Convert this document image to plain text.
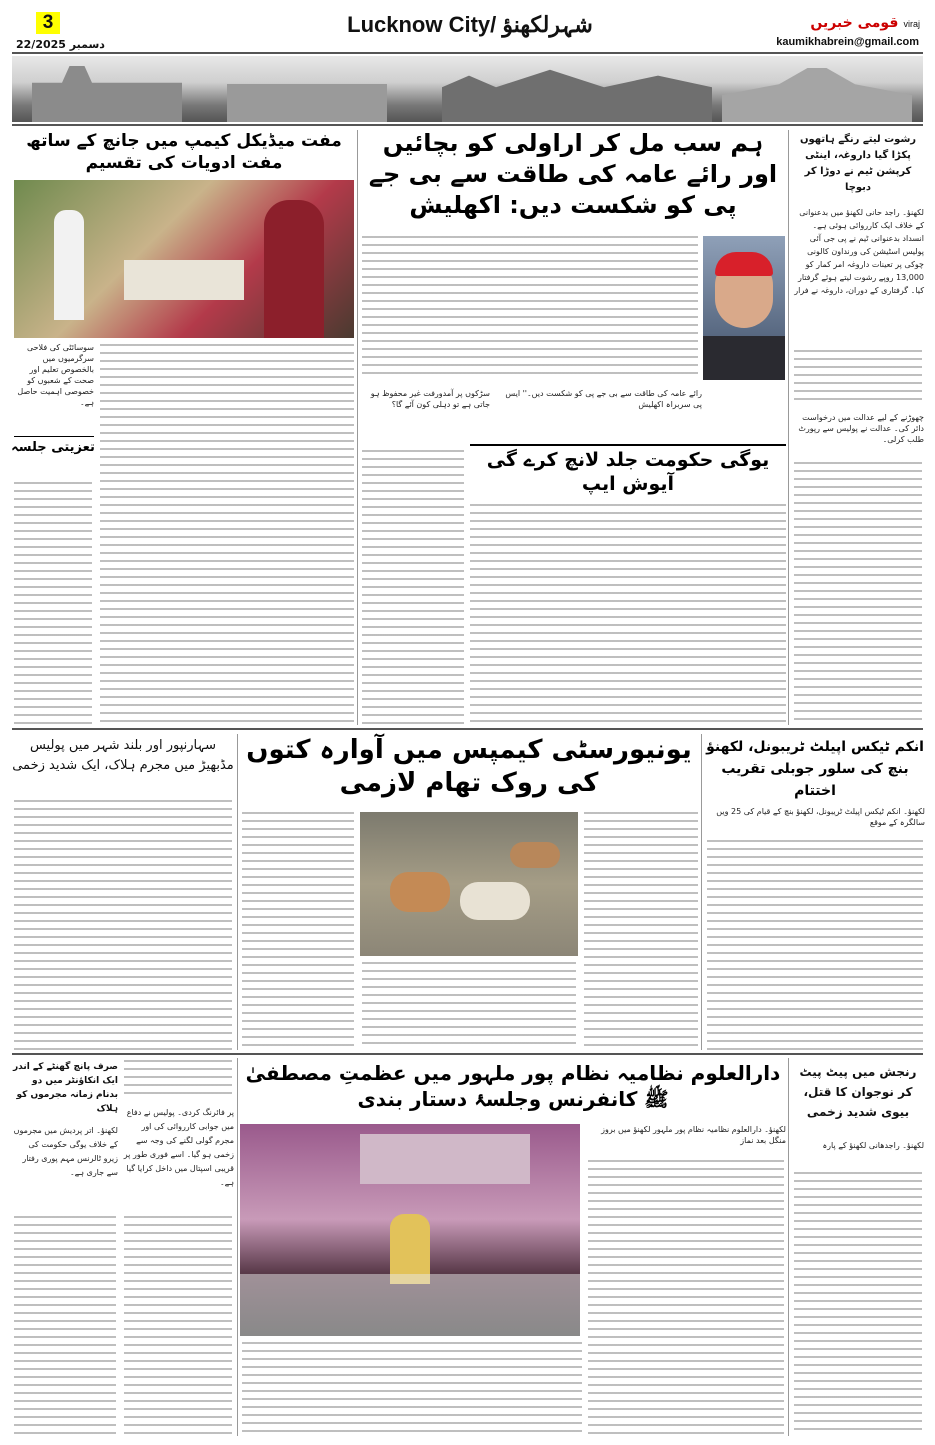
3
22/دسمبر 2025
Lucknow City/ شہرلکھنؤ	قومی خبریں viraj
kaumikhabrein@gmail.com
مفت میڈیکل کیمپ میں جانچ کے ساتھ مفت ادویات کی تقسیم
سوسائٹی کی فلاحی سرگرمیوں میں بالخصوص تعلیم اور صحت کے شعبوں کو خصوصی اہمیت حاصل ہے۔
تعزیتی جلسہ
ہم سب مل کر اراولی کو بچائیں اور رائے عامہ کی طاقت سے بی جے پی کو شکست دیں: اکھلیش
رائے عامہ کی طاقت سے بی جے پی کو شکست دیں۔'' ایس پی سربراہ اکھلیش
سڑکوں پر آمدورفت غیر محفوظ ہو جاتی ہے تو دہلی کون آئے گا؟
یوگی حکومت جلد لانچ کرے گی آیوش ایپ
رشوت لیتے رنگے ہاتھوں پکڑا گیا داروغہ، اینٹی کرپشن ٹیم نے دوڑا کر دبوچا
لکھنؤ۔ راجد حانی لکھنؤ میں بدعنوانی کے خلاف ایک کارروائی ہوئی ہے۔ انسداد بدعنوانی ٹیم نے پی جی آئی پولیس اسٹیشن کی ورنداون کالونی چوکی پر تعینات داروغہ امر کمار کو 13,000 روپے رشوت لیتے ہوئے گرفتار کیا۔ گرفتاری کے دوران، داروغہ نے فرار
چھوڑنے کے لیے عدالت میں درخواست دائر کی۔ عدالت نے پولیس سے رپورٹ طلب کرلی۔
سہارنپور اور بلند شہر میں پولیس مڈبھیڑ میں مجرم ہلاک، ایک شدید زخمی
یونیورسٹی کیمپس میں آوارہ کتوں کی روک تھام لازمی
انکم ٹیکس اپیلٹ ٹریبونل، لکھنؤ بنچ کی سلور جوبلی تقریب اختتام
لکھنؤ۔ انکم ٹیکس اپیلٹ ٹریبونل، لکھنؤ بنچ کے قیام کی 25 ویں سالگرہ کے موقع
صرف پانچ گھنٹے کے اندر ایک انکاؤنٹر میں دو بدنام زمانہ مجرموں کو ہلاک
لکھنؤ۔ اتر پردیش میں مجرموں کے خلاف یوگی حکومت کی زیرو ٹالرنس مہم پوری رفتار سے جاری ہے۔
پر فائرنگ کردی۔ پولیس نے دفاع میں جوابی کارروائی کی اور مجرم گولی لگنے کی وجہ سے زخمی ہو گیا۔ اسے فوری طور پر قریبی اسپتال میں داخل کرایا گیا ہے۔
دارالعلوم نظامیہ نظام پور ملہور میں عظمتِ مصطفیٰ ﷺ کانفرنس وجلسۂ دستار بندی
لکھنؤ۔ دارالعلوم نظامیہ نظام پور ملہور لکھنؤ میں بروز منگل بعد نماز
رنجش میں پیٹ پیٹ کر نوجوان کا قتل، بیوی شدید زخمی
لکھنؤ۔ راجدھانی لکھنؤ کے پارہ
